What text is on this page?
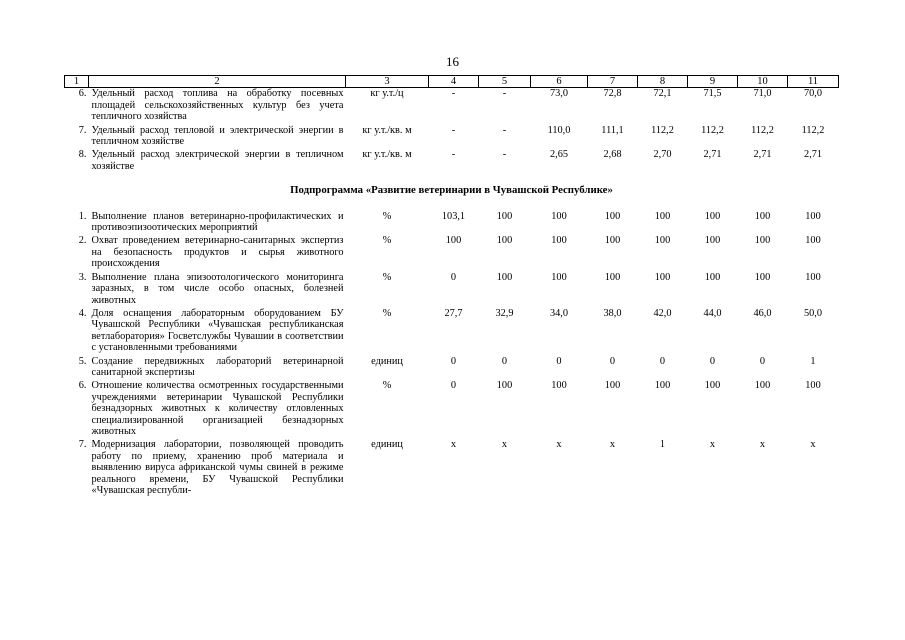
16
1	2	3	4	5	6	7	8	9	10	11
6.	Удельный расход топлива на обработку посевных площадей сельскохозяйственных культур без учета тепличного хозяйства	кг у.т./ц	-	-	73,0	72,8	72,1	71,5	71,0	70,0
7.	Удельный расход тепловой и электрической энергии в тепличном хозяйстве	кг у.т./кв. м	-	-	110,0	111,1	112,2	112,2	112,2	112,2
8.	Удельный расход электрической энергии в тепличном хозяйстве	кг у.т./кв. м	-	-	2,65	2,68	2,70	2,71	2,71	2,71
Подпрограмма «Развитие ветеринарии в Чувашской Республике»										
1.	Выполнение планов ветеринарно-профилактических и противоэпизоотических мероприятий	%	103,1	100	100	100	100	100	100	100
2.	Охват проведением ветеринарно-санитарных экспертиз на безопасность продуктов и сырья животного происхождения	%	100	100	100	100	100	100	100	100
3.	Выполнение плана эпизоотологического мониторинга заразных, в том числе особо опасных, болезней животных	%	0	100	100	100	100	100	100	100
4.	Доля оснащения лабораторным оборудованием БУ Чувашской Республики «Чувашская республиканская ветлаборатория» Госветслужбы Чувашии в соответствии с установленными требованиями	%	27,7	32,9	34,0	38,0	42,0	44,0	46,0	50,0
5.	Создание передвижных лабораторий ветеринарной санитарной экспертизы	единиц	0	0	0	0	0	0	0	1
6.	Отношение количества осмотренных государственными учреждениями ветеринарии Чувашской Республики безнадзорных животных к количеству отловленных специализированной организацией безнадзорных животных	%	0	100	100	100	100	100	100	100
7.	Модернизация лаборатории, позволяющей проводить работу по приему, хранению проб материала и выявлению вируса африканской чумы свиней в режиме реального времени, БУ Чувашской Республики «Чувашская республи-	единиц	x	x	x	x	1	x	x	x
